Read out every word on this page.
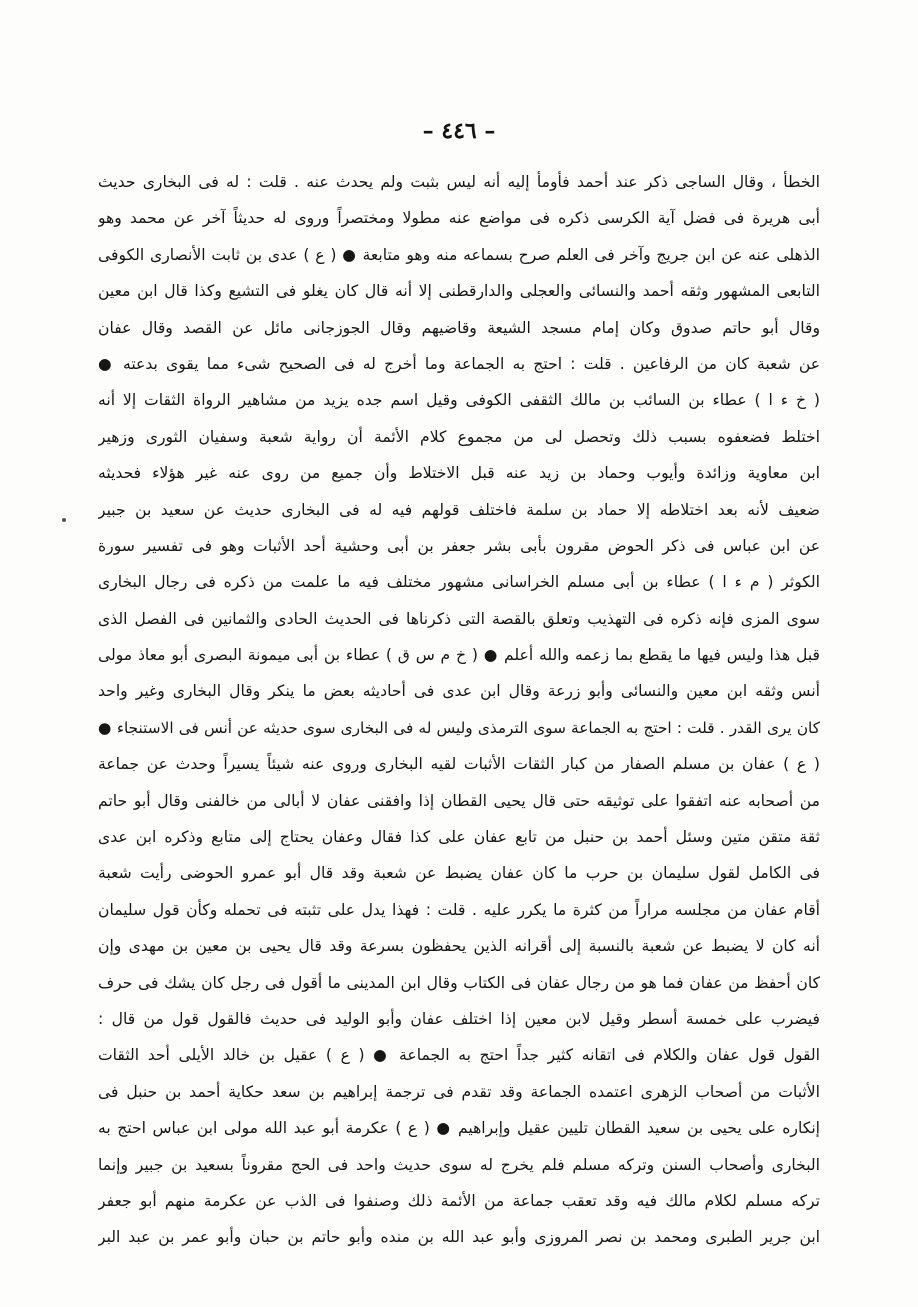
– ٤٤٦ –
الخطأ ، وقال الساجى ذكر عند أحمد فأومأ إليه أنه ليس بثبت ولم يحدث عنه . قلت : له فى البخارى حديث
أبى هريرة فى فضل آية الكرسى ذكره فى مواضع عنه مطولا ومختصراً وروى له حديثاً آخر عن محمد وهو
الذهلى عنه عن ابن جريج وآخر فى العلم صرح بسماعه منه وهو متابعة ● ( ع ) عدى بن ثابت الأنصارى الكوفى
التابعى المشهور وثقه أحمد والنسائى والعجلى والدارقطنى إلا أنه قال كان يغلو فى التشيع وكذا قال ابن معين
وقال أبو حاتم صدوق وكان إمام مسجد الشيعة وقاضيهم وقال الجوزجانى مائل عن القصد وقال عفان
عن شعبة كان من الرفاعين . قلت : احتج به الجماعة وما أخرج له فى الصحيح شىء مما يقوى بدعته ●
( خ ء ا ) عطاء بن السائب بن مالك الثقفى الكوفى وقيل اسم جده يزيد من مشاهير الرواة الثقات إلا أنه
اختلط فضعفوه بسبب ذلك وتحصل لى من مجموع كلام الأئمة أن رواية شعبة وسفيان الثورى وزهير
ابن معاوية وزائدة وأيوب وحماد بن زيد عنه قبل الاختلاط وأن جميع من روى عنه غير هؤلاء فحديثه
ضعيف لأنه بعد اختلاطه إلا حماد بن سلمة فاختلف قولهم فيه له فى البخارى حديث عن سعيد بن جبير
عن ابن عباس فى ذكر الحوض مقرون بأبى بشر جعفر بن أبى وحشية أحد الأثبات وهو فى تفسير سورة
الكوثر ( م ء ا ) عطاء بن أبى مسلم الخراسانى مشهور مختلف فيه ما علمت من ذكره فى رجال البخارى
سوى المزى فإنه ذكره فى التهذيب وتعلق بالقصة التى ذكرناها فى الحديث الحادى والثمانين فى الفصل الذى
قبل هذا وليس فيها ما يقطع بما زعمه والله أعلم ● ( خ م س ق ) عطاء بن أبى ميمونة البصرى أبو معاذ مولى
أنس وثقه ابن معين والنسائى وأبو زرعة وقال ابن عدى فى أحاديثه بعض ما ينكر وقال البخارى وغير واحد
كان يرى القدر . قلت : احتج به الجماعة سوى الترمذى وليس له فى البخارى سوى حديثه عن أنس فى الاستنجاء ●
( ع ) عفان بن مسلم الصفار من كبار الثقات الأثبات لقيه البخارى وروى عنه شيئاً يسيراً وحدث عن جماعة
من أصحابه عنه اتفقوا على توثيقه حتى قال يحيى القطان إذا وافقنى عفان لا أبالى من خالفنى وقال أبو حاتم
ثقة متقن متين وسئل أحمد بن حنبل من تابع عفان على كذا فقال وعفان يحتاج إلى متابع وذكره ابن عدى
فى الكامل لقول سليمان بن حرب ما كان عفان يضبط عن شعبة وقد قال أبو عمرو الحوضى رأيت شعبة
أقام عفان من مجلسه مراراً من كثرة ما يكرر عليه . قلت : فهذا يدل على تثبته فى تحمله وكأن قول سليمان
أنه كان لا يضبط عن شعبة بالنسبة إلى أقرانه الذين يحفظون بسرعة وقد قال يحيى بن معين بن مهدى وإن
كان أحفظ من عفان فما هو من رجال عفان فى الكتاب وقال ابن المدينى ما أقول فى رجل كان يشك فى حرف
فيضرب على خمسة أسطر وقيل لابن معين إذا اختلف عفان وأبو الوليد فى حديث فالقول قول من قال :
القول قول عفان والكلام فى اتقانه كثير جداً احتج به الجماعة ● ( ع ) عقيل بن خالد الأيلى أحد الثقات
الأثبات من أصحاب الزهرى اعتمده الجماعة وقد تقدم فى ترجمة إبراهيم بن سعد حكاية أحمد بن حنبل فى
إنكاره على يحيى بن سعيد القطان تليين عقيل وإبراهيم ● ( ع ) عكرمة أبو عبد الله مولى ابن عباس احتج به
البخارى وأصحاب السنن وتركه مسلم فلم يخرج له سوى حديث واحد فى الحج مقروناً بسعيد بن جبير وإنما
تركه مسلم لكلام مالك فيه وقد تعقب جماعة من الأئمة ذلك وصنفوا فى الذب عن عكرمة منهم أبو جعفر
ابن جرير الطبرى ومحمد بن نصر المروزى وأبو عبد الله بن منده وأبو حاتم بن حبان وأبو عمر بن عبد البر
